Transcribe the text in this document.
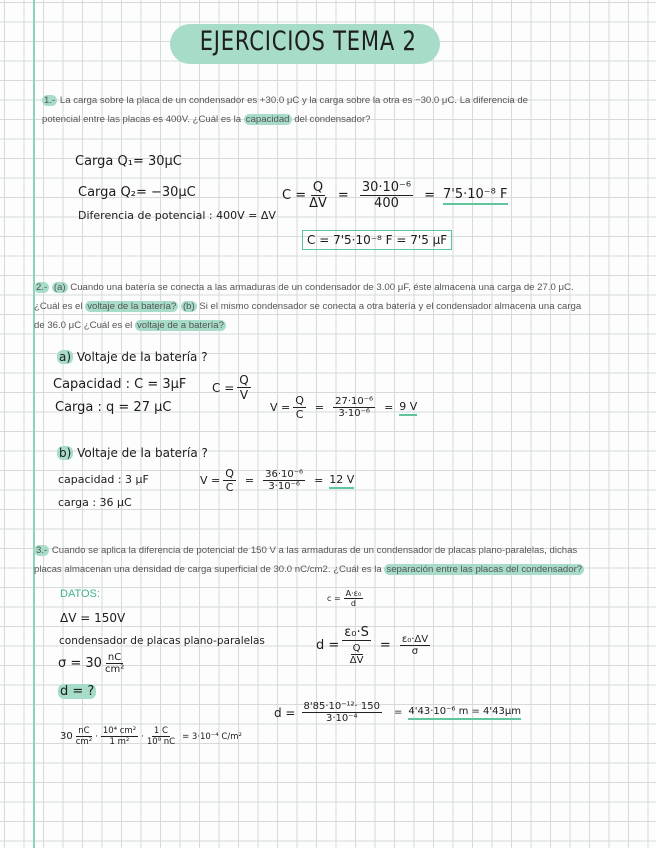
EJERCICIOS TEMA 2
1.- La carga sobre la placa de un condensador es +30.0 μC y la carga sobre la otra es −30.0 μC. La diferencia de
potencial entre las placas es 400V. ¿Cuál es la capacidad del condensador?
Carga Q₁= 30μC
Carga Q₂= −30μC
Diferencia de potencial : 400V = ΔV
$C = \frac{Q}{\Delta V} = \frac{\text{30·10⁻⁶}}{400} = 7'5\cdot 10^{-8}$ F
C = 7'5·10⁻⁸ F = 7'5 μF
2.- (a) Cuando una batería se conecta a las armaduras de un condensador de 3.00 μF, éste almacena una carga de 27.0 μC.
¿Cuál es el voltaje de la batería? (b) Si el mismo condensador se conecta a otra batería y el condensador almacena una carga
de 36.0 μC ¿Cuál es el voltaje de a batería?
a) Voltaje de la batería ?
Capacidad : C = 3μF
Carga : q = 27 μC
$C = \frac{Q}{V}$
$V = \frac{Q}{C} = \frac{\text{27·10⁻⁶}}{\text{3·10⁻⁶}} = 9$ V
b) Voltaje de la batería ?
capacidad : 3 μF
carga : 36 μC
$V = \frac{Q}{C} = \frac{\text{36·10⁻⁶}}{\text{3·10⁻⁶}} = 12$ V
3.- Cuando se aplica la diferencia de potencial de 150 V a las armaduras de un condensador de placas plano-paralelas, dichas
placas almacenan una densidad de carga superficial de 30.0 nC/cm2. ¿Cuál es la separación entre las placas del condensador?
DATOS:
ΔV = 150V
condensador de placas plano-paralelas
$\sigma = 30 \frac{nC}{\text{cm²}}$
d = ?
$c = \frac{\text{A·ε₀}}{d}$
$d = \frac{\text{ε₀·S}}{\frac{Q}{\Delta V}} = \frac{\text{ε₀·ΔV}}{\sigma}$
$d = \frac{\text{8'85·10⁻¹²· 150}}{\text{3·10⁻⁴}} = 4'43\cdot 10^{-6}$ m = 4'43μm
$30 \frac{nC}{\text{cm²}} \cdot \frac{\text{10⁴ cm²}}{\text{1 m²}} \cdot \frac{1 C}{\text{10⁹ nC}} = 3\cdot 10^{-4}$ C/m²
